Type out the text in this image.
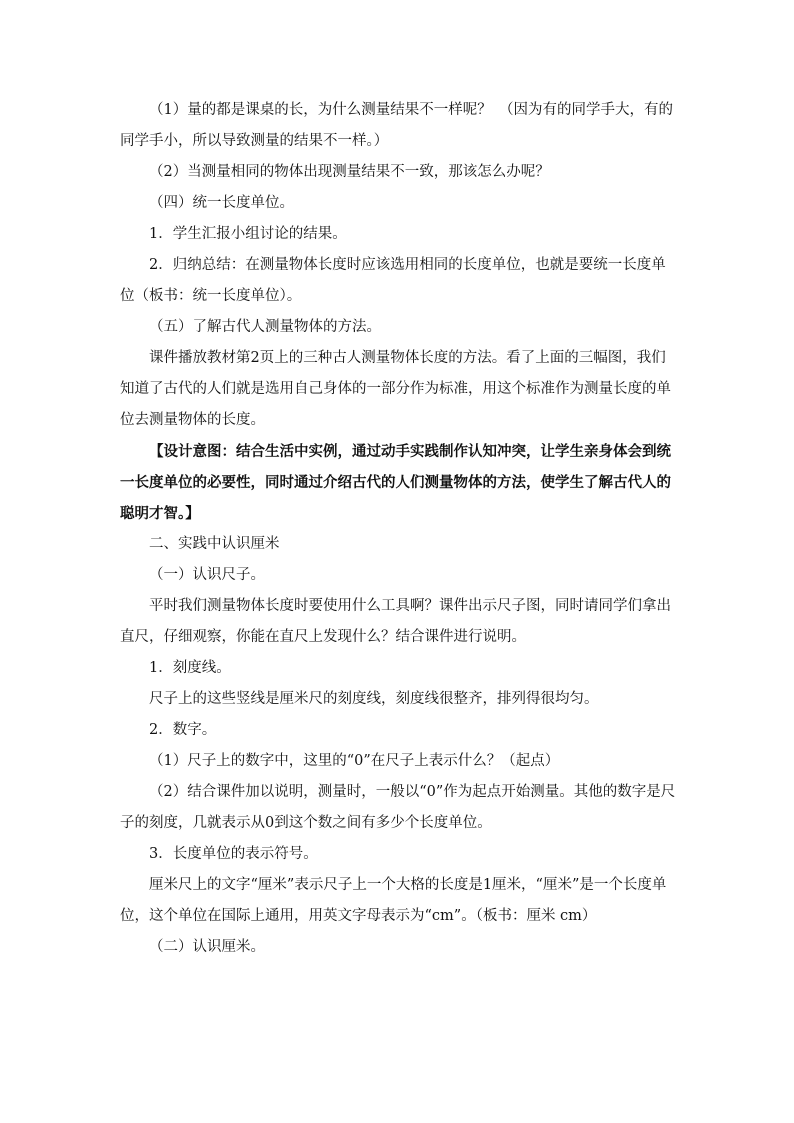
（1）量的都是课桌的长，为什么测量结果不一样呢？　（因为有的同学手大，有的同学手小，所以导致测量的结果不一样。）

（2）当测量相同的物体出现测量结果不一致，那该怎么办呢？

（四）统一长度单位。

1．学生汇报小组讨论的结果。

2．归纳总结：在测量物体长度时应该选用相同的长度单位，也就是要统一长度单位（板书：统一长度单位）。

（五）了解古代人测量物体的方法。

课件播放教材第2页上的三种古人测量物体长度的方法。看了上面的三幅图，我们知道了古代的人们就是选用自己身体的一部分作为标准，用这个标准作为测量长度的单位去测量物体的长度。

【设计意图：结合生活中实例，通过动手实践制作认知冲突，让学生亲身体会到统一长度单位的必要性，同时通过介绍古代的人们测量物体的方法，使学生了解古代人的聪明才智。】

二、实践中认识厘米

（一）认识尺子。

平时我们测量物体长度时要使用什么工具啊？课件出示尺子图，同时请同学们拿出直尺，仔细观察，你能在直尺上发现什么？结合课件进行说明。

1．刻度线。

尺子上的这些竖线是厘米尺的刻度线，刻度线很整齐，排列得很均匀。

2．数字。

（1）尺子上的数字中，这里的“0”在尺子上表示什么？（起点）

（2）结合课件加以说明，测量时，一般以“0”作为起点开始测量。其他的数字是尺子的刻度，几就表示从0到这个数之间有多少个长度单位。

3．长度单位的表示符号。

厘米尺上的文字“厘米”表示尺子上一个大格的长度是1厘米，“厘米”是一个长度单位，这个单位在国际上通用，用英文字母表示为“cm”。（板书：厘米 cm）

（二）认识厘米。
